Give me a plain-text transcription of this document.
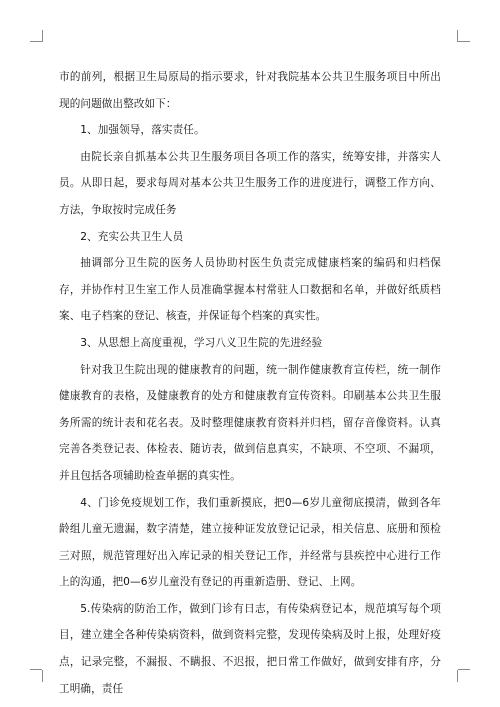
市的前列，根据卫生局原局的指示要求，针对我院基本公共卫生服务项目中所出现的问题做出整改如下：

1、加强领导，落实责任。

由院长亲自抓基本公共卫生服务项目各项工作的落实，统筹安排，并落实人员。从即日起，要求每周对基本公共卫生服务工作的进度进行，调整工作方向、方法，争取按时完成任务

2、充实公共卫生人员

抽调部分卫生院的医务人员协助村医生负责完成健康档案的编码和归档保存，并协作村卫生室工作人员准确掌握本村常驻人口数据和名单，并做好纸质档案、电子档案的登记、核查，并保证每个档案的真实性。

3、从思想上高度重视，学习八义卫生院的先进经验

针对我卫生院出现的健康教育的问题，统一制作健康教育宣传栏，统一制作健康教育的表格，及健康教育的处方和健康教育宣传资料。印刷基本公共卫生服务所需的统计表和花名表。及时整理健康教育资料并归档，留存音像资料。认真完善各类登记表、体检表、随访表，做到信息真实，不缺项、不空项、不漏项，并且包括各项辅助检查单据的真实性。

4、门诊免疫规划工作，我们重新摸底，把0—6岁儿童彻底摸清，做到各年龄组儿童无遗漏，数字清楚，建立接种证发放登记记录，相关信息、底册和预检三对照，规范管理好出入库记录的相关登记工作，并经常与县疾控中心进行工作上的沟通，把0—6岁儿童没有登记的再重新造册、登记、上网。

5.传染病的防治工作，做到门诊有日志，有传染病登记本，规范填写每个项目，建立建全各种传染病资料，做到资料完整，发现传染病及时上报，处理好疫点，记录完整，不漏报、不瞒报、不迟报，把日常工作做好，做到安排有序，分工明确，责任
